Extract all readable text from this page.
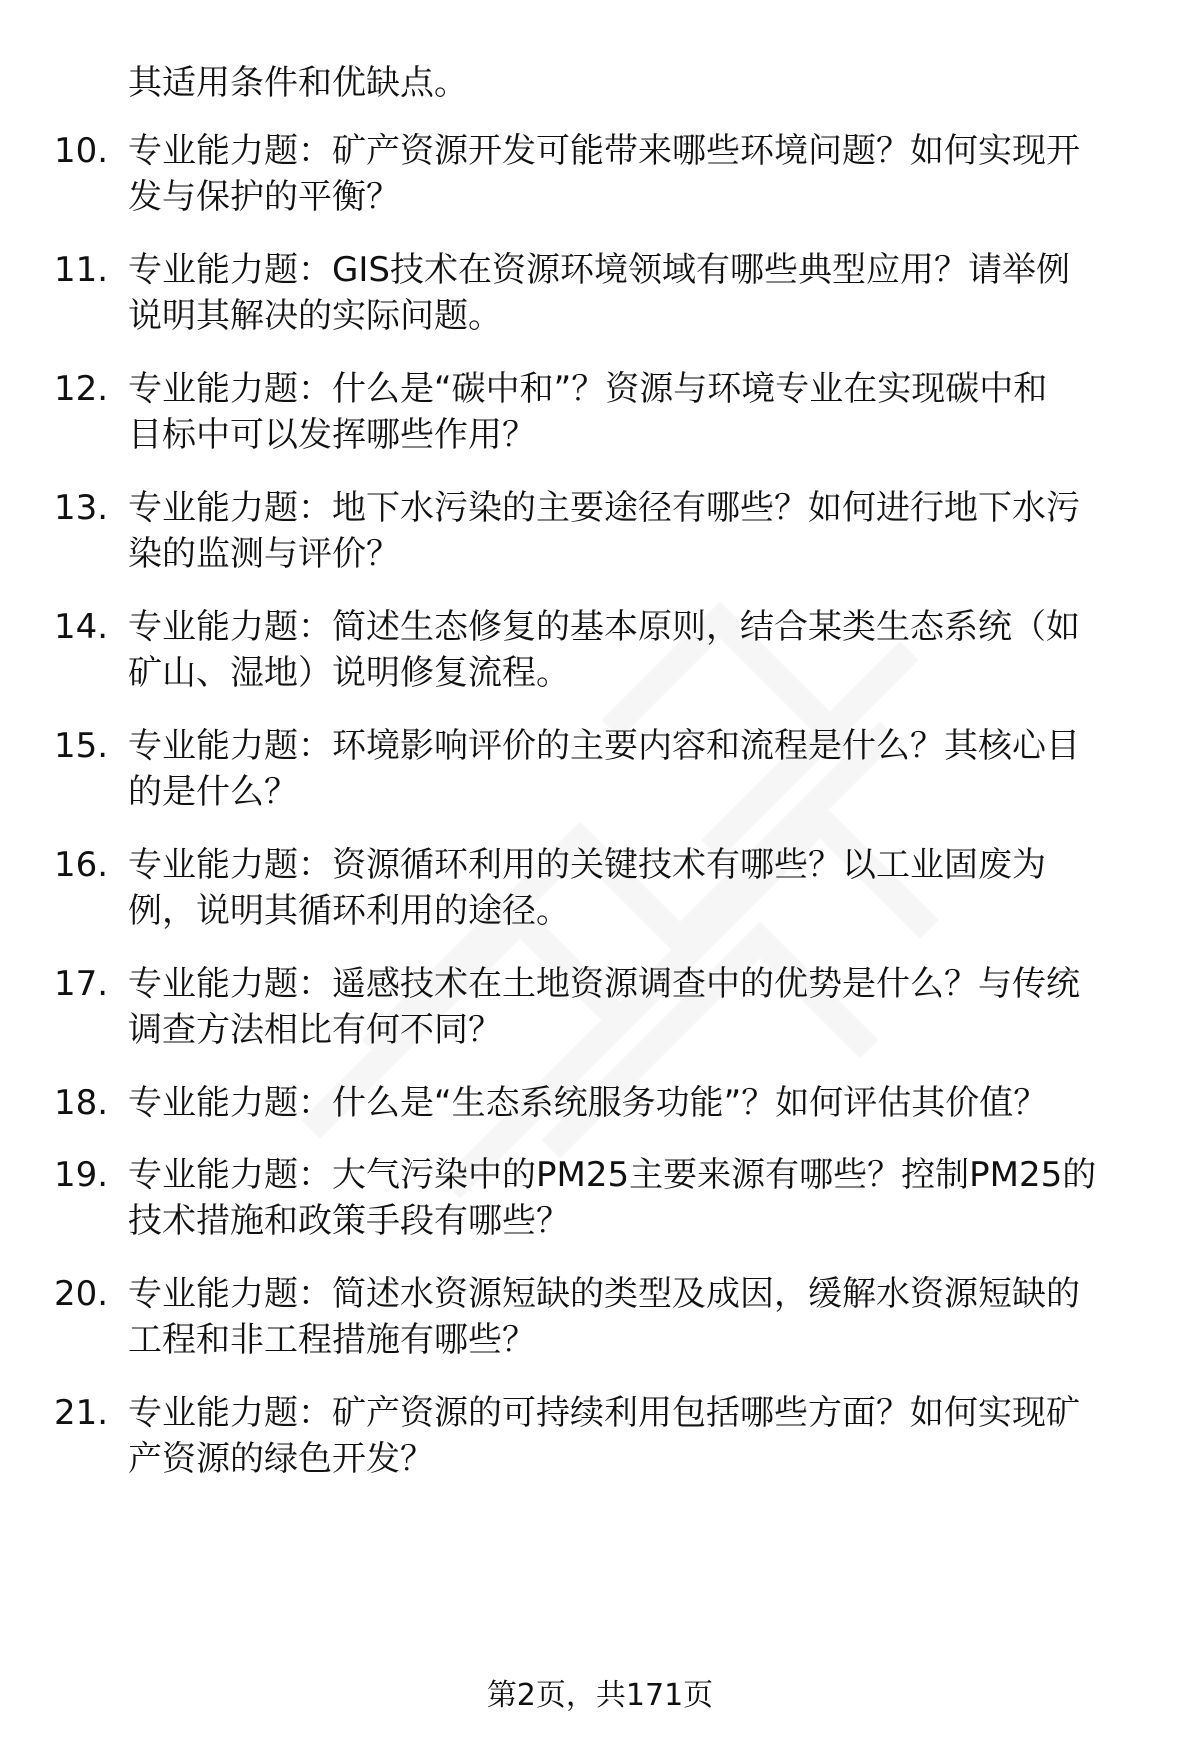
其适用条件和优缺点。
10. 专业能力题：矿产资源开发可能带来哪些环境问题？如何实现开
发与保护的平衡？
11. 专业能力题：GIS技术在资源环境领域有哪些典型应用？请举例
说明其解决的实际问题。
12. 专业能力题：什么是“碳中和”？资源与环境专业在实现碳中和
目标中可以发挥哪些作用？
13. 专业能力题：地下水污染的主要途径有哪些？如何进行地下水污
染的监测与评价？
14. 专业能力题：简述生态修复的基本原则，结合某类生态系统（如
矿山、湿地）说明修复流程。
15. 专业能力题：环境影响评价的主要内容和流程是什么？其核心目
的是什么？
16. 专业能力题：资源循环利用的关键技术有哪些？以工业固废为
例，说明其循环利用的途径。
17. 专业能力题：遥感技术在土地资源调查中的优势是什么？与传统
调查方法相比有何不同？
18. 专业能力题：什么是“生态系统服务功能”？如何评估其价值？
19. 专业能力题：大气污染中的PM25主要来源有哪些？控制PM25的
技术措施和政策手段有哪些？
20. 专业能力题：简述水资源短缺的类型及成因，缓解水资源短缺的
工程和非工程措施有哪些？
21. 专业能力题：矿产资源的可持续利用包括哪些方面？如何实现矿
产资源的绿色开发？
第2页，共171页
